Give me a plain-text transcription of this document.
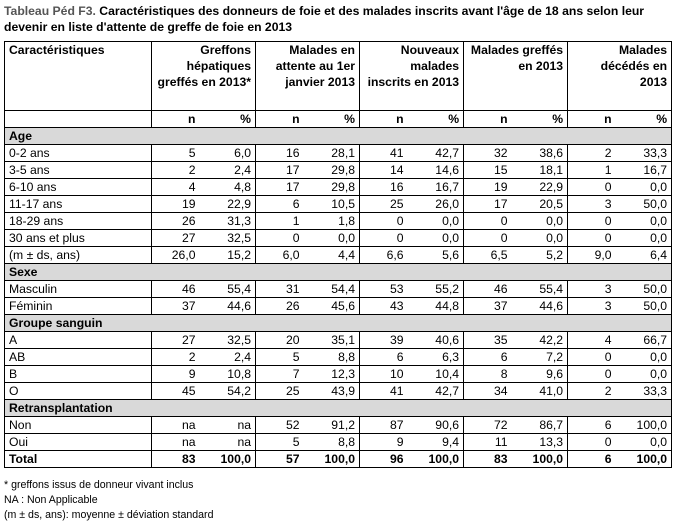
Tableau Péd F3. Caractéristiques des donneurs de foie et des malades inscrits avant l'âge de 18 ans selon leur devenir en liste d'attente de greffe de foie en 2013
Caractéristiques	Greffons hépatiques greffés en 2013*		Malades en attente au 1er janvier 2013		Nouveaux malades inscrits en 2013		Malades greffés en 2013		Malades décédés en 2013	
	n	%	n	%	n	%	n	%	n	%
Age										
0-2 ans	5	6,0	16	28,1	41	42,7	32	38,6	2	33,3
3-5 ans	2	2,4	17	29,8	14	14,6	15	18,1	1	16,7
6-10 ans	4	4,8	17	29,8	16	16,7	19	22,9	0	0,0
11-17 ans	19	22,9	6	10,5	25	26,0	17	20,5	3	50,0
18-29 ans	26	31,3	1	1,8	0	0,0	0	0,0	0	0,0
30 ans et plus	27	32,5	0	0,0	0	0,0	0	0,0	0	0,0
(m ± ds, ans)	26,0	15,2	6,0	4,4	6,6	5,6	6,5	5,2	9,0	6,4
Sexe										
Masculin	46	55,4	31	54,4	53	55,2	46	55,4	3	50,0
Féminin	37	44,6	26	45,6	43	44,8	37	44,6	3	50,0
Groupe sanguin										
A	27	32,5	20	35,1	39	40,6	35	42,2	4	66,7
AB	2	2,4	5	8,8	6	6,3	6	7,2	0	0,0
B	9	10,8	7	12,3	10	10,4	8	9,6	0	0,0
O	45	54,2	25	43,9	41	42,7	34	41,0	2	33,3
Retransplantation										
Non	na	na	52	91,2	87	90,6	72	86,7	6	100,0
Oui	na	na	5	8,8	9	9,4	11	13,3	0	0,0
Total	83	100,0	57	100,0	96	100,0	83	100,0	6	100,0
* greffons issus de donneur vivant inclus
NA : Non Applicable
(m ± ds, ans): moyenne ± déviation standard
